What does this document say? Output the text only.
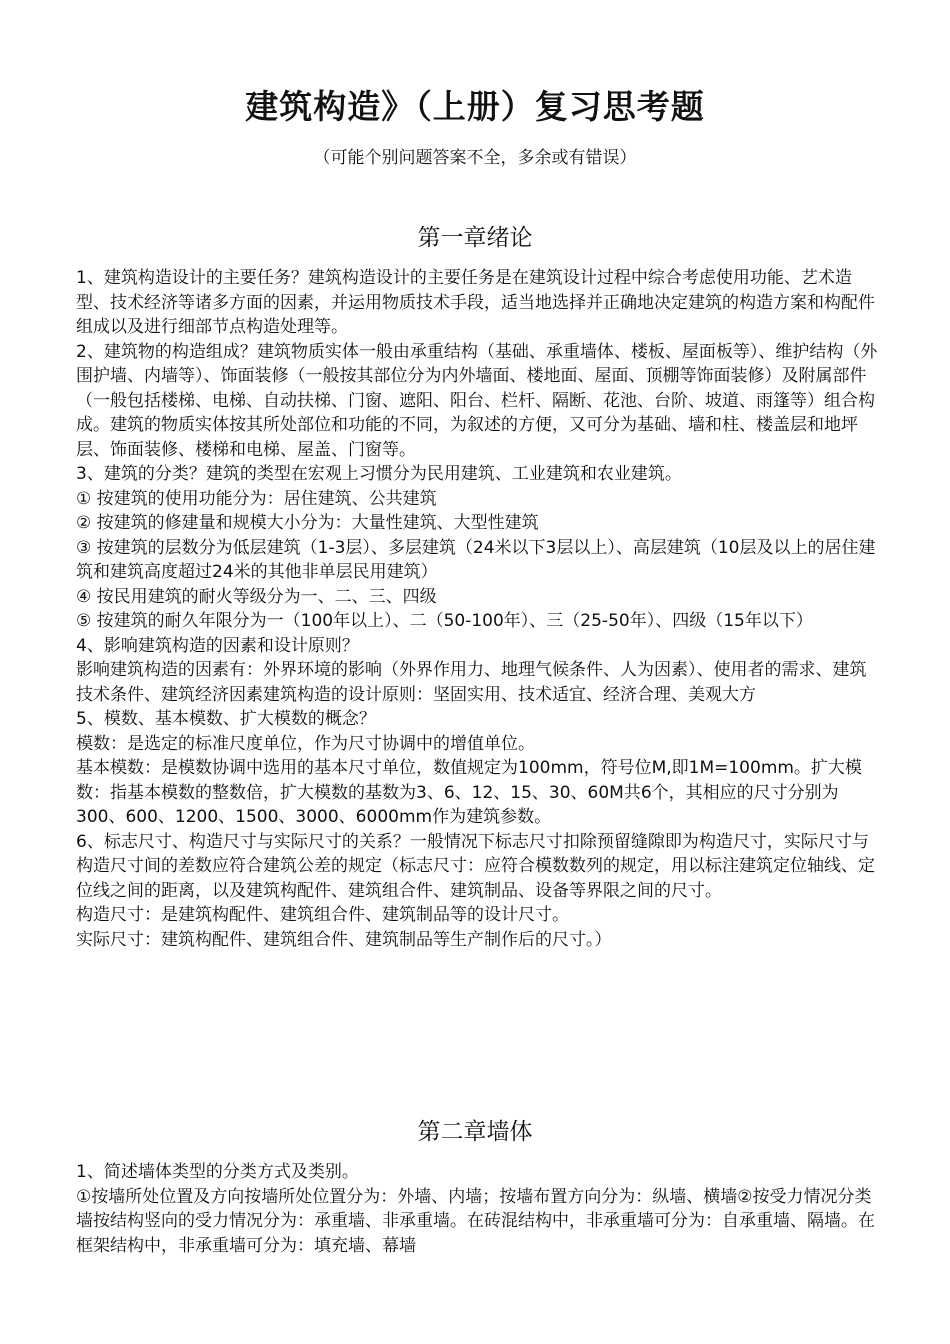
建筑构造》（上册）复习思考题
（可能个别问题答案不全，多余或有错误）
第一章绪论

1、建筑构造设计的主要任务？建筑构造设计的主要任务是在建筑设计过程中综合考虑使用功能、艺术造型、技术经济等诸多方面的因素，并运用物质技术手段，适当地选择并正确地决定建筑的构造方案和构配件组成以及进行细部节点构造处理等。

2、建筑物的构造组成？建筑物质实体一般由承重结构（基础、承重墙体、楼板、屋面板等）、维护结构（外围护墙、内墙等）、饰面装修（一般按其部位分为内外墙面、楼地面、屋面、顶棚等饰面装修）及附属部件（一般包括楼梯、电梯、自动扶梯、门窗、遮阳、阳台、栏杆、隔断、花池、台阶、坡道、雨篷等）组合构成。建筑的物质实体按其所处部位和功能的不同，为叙述的方便，又可分为基础、墙和柱、楼盖层和地坪层、饰面装修、楼梯和电梯、屋盖、门窗等。

3、建筑的分类？建筑的类型在宏观上习惯分为民用建筑、工业建筑和农业建筑。

① 按建筑的使用功能分为：居住建筑、公共建筑

② 按建筑的修建量和规模大小分为：大量性建筑、大型性建筑

③ 按建筑的层数分为低层建筑（1-3层）、多层建筑（24米以下3层以上）、高层建筑（10层及以上的居住建筑和建筑高度超过24米的其他非单层民用建筑）

④ 按民用建筑的耐火等级分为一、二、三、四级

⑤ 按建筑的耐久年限分为一（100年以上）、二（50-100年）、三（25-50年）、四级（15年以下）

4、影响建筑构造的因素和设计原则？

影响建筑构造的因素有：外界环境的影响（外界作用力、地理气候条件、人为因素）、使用者的需求、建筑技术条件、建筑经济因素建筑构造的设计原则：坚固实用、技术适宜、经济合理、美观大方

5、模数、基本模数、扩大模数的概念？

模数：是选定的标准尺度单位，作为尺寸协调中的增值单位。

基本模数：是模数协调中选用的基本尺寸单位，数值规定为100mm，符号位M,即1M=100mm。扩大模数：指基本模数的整数倍，扩大模数的基数为3、6、12、15、30、60M共6个，其相应的尺寸分别为300、600、1200、1500、3000、6000mm作为建筑参数。

6、标志尺寸、构造尺寸与实际尺寸的关系？一般情况下标志尺寸扣除预留缝隙即为构造尺寸，实际尺寸与构造尺寸间的差数应符合建筑公差的规定（标志尺寸：应符合模数数列的规定，用以标注建筑定位轴线、定位线之间的距离，以及建筑构配件、建筑组合件、建筑制品、设备等界限之间的尺寸。

构造尺寸：是建筑构配件、建筑组合件、建筑制品等的设计尺寸。

实际尺寸：建筑构配件、建筑组合件、建筑制品等生产制作后的尺寸。）

第二章墙体

1、简述墙体类型的分类方式及类别。

①按墙所处位置及方向按墙所处位置分为：外墙、内墙；按墙布置方向分为：纵墙、横墙②按受力情况分类墙按结构竖向的受力情况分为：承重墙、非承重墙。在砖混结构中，非承重墙可分为：自承重墙、隔墙。在框架结构中，非承重墙可分为：填充墙、幕墙
